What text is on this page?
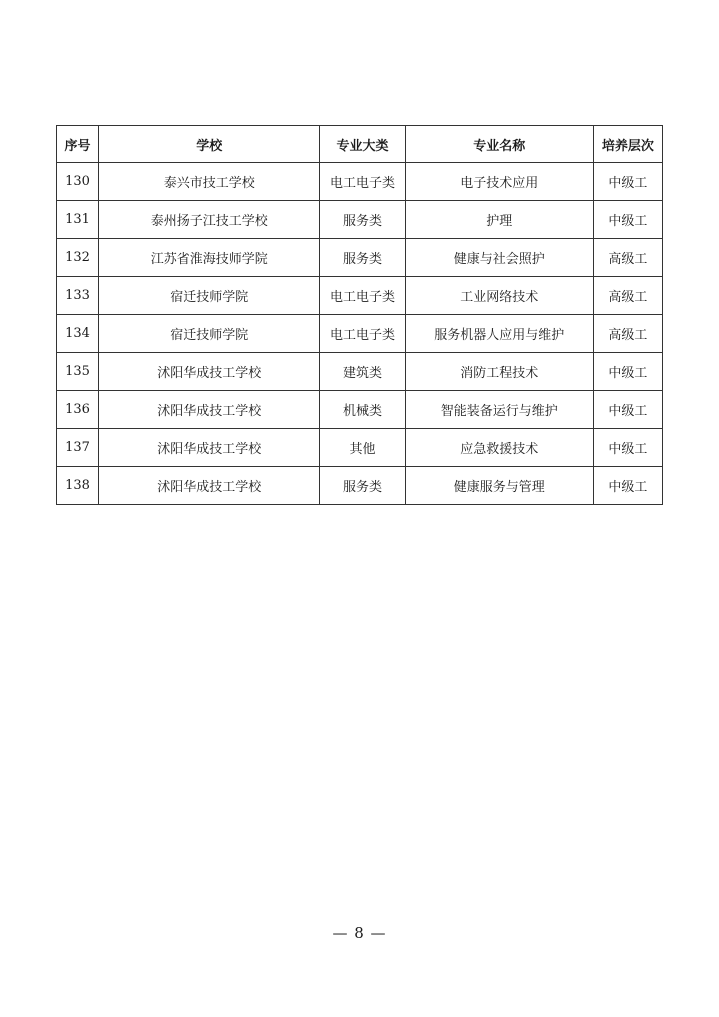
序号	学校	专业大类	专业名称	培养层次
130	泰兴市技工学校	电工电子类	电子技术应用	中级工
131	泰州扬子江技工学校	服务类	护理	中级工
132	江苏省淮海技师学院	服务类	健康与社会照护	高级工
133	宿迁技师学院	电工电子类	工业网络技术	高级工
134	宿迁技师学院	电工电子类	服务机器人应用与维护	高级工
135	沭阳华成技工学校	建筑类	消防工程技术	中级工
136	沭阳华成技工学校	机械类	智能装备运行与维护	中级工
137	沭阳华成技工学校	其他	应急救援技术	中级工
138	沭阳华成技工学校	服务类	健康服务与管理	中级工
— 8 —
